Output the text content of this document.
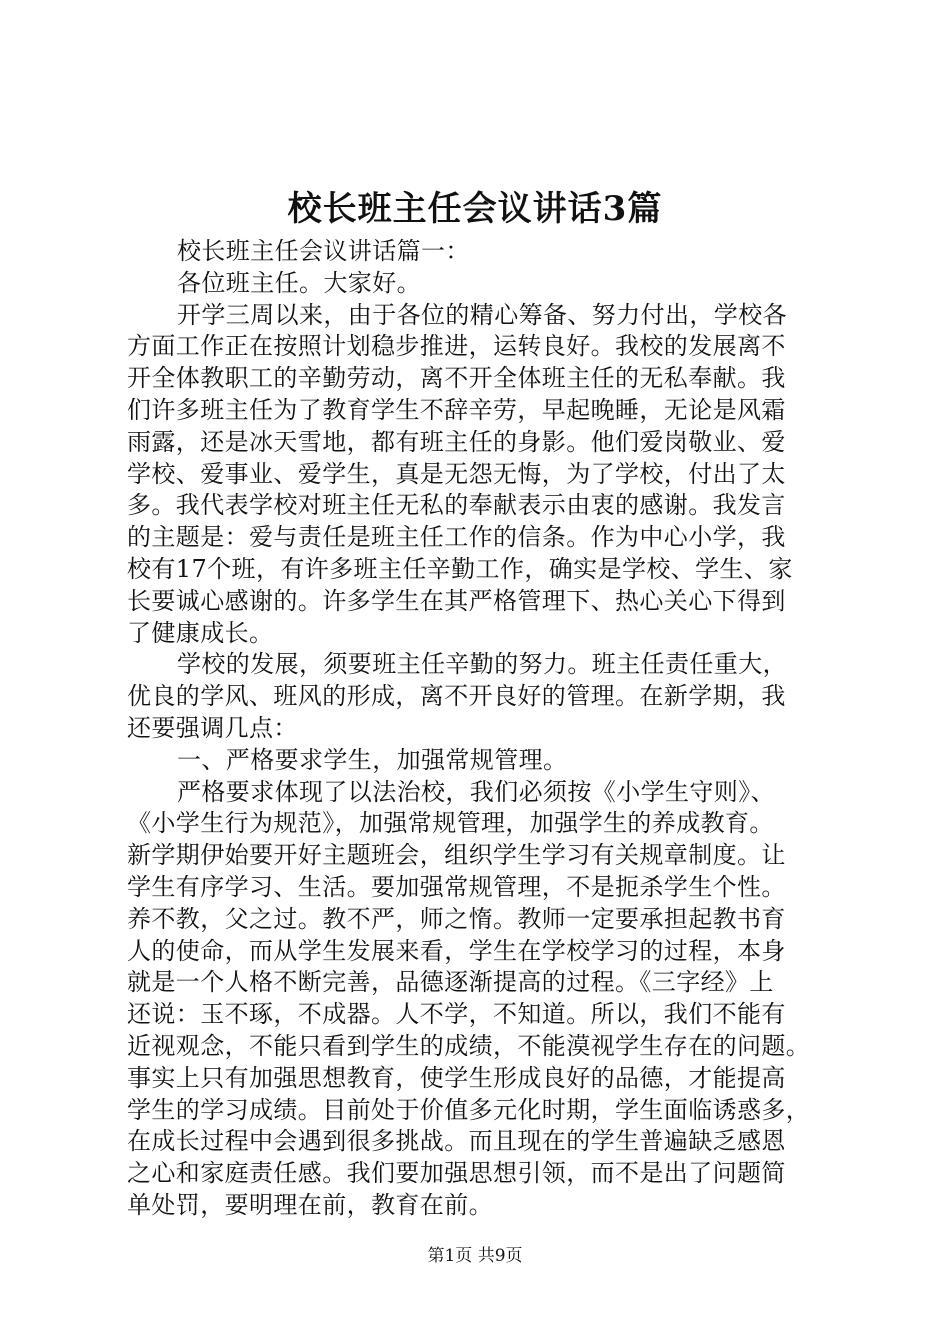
校长班主任会议讲话3篇
校长班主任会议讲话篇一：
各位班主任。大家好。
开学三周以来，由于各位的精心筹备、努力付出，学校各
方面工作正在按照计划稳步推进，运转良好。我校的发展离不
开全体教职工的辛勤劳动，离不开全体班主任的无私奉献。我
们许多班主任为了教育学生不辞辛劳，早起晚睡，无论是风霜
雨露，还是冰天雪地，都有班主任的身影。他们爱岗敬业、爱
学校、爱事业、爱学生，真是无怨无悔，为了学校，付出了太
多。我代表学校对班主任无私的奉献表示由衷的感谢。我发言
的主题是：爱与责任是班主任工作的信条。作为中心小学，我
校有17个班，有许多班主任辛勤工作，确实是学校、学生、家
长要诚心感谢的。许多学生在其严格管理下、热心关心下得到
了健康成长。
学校的发展，须要班主任辛勤的努力。班主任责任重大，
优良的学风、班风的形成，离不开良好的管理。在新学期，我
还要强调几点：
一、严格要求学生，加强常规管理。
严格要求体现了以法治校，我们必须按《小学生守则》、
《小学生行为规范》，加强常规管理，加强学生的养成教育。
新学期伊始要开好主题班会，组织学生学习有关规章制度。让
学生有序学习、生活。要加强常规管理，不是扼杀学生个性。
养不教，父之过。教不严，师之惰。教师一定要承担起教书育
人的使命，而从学生发展来看，学生在学校学习的过程，本身
就是一个人格不断完善，品德逐渐提高的过程。《三字经》上
还说：玉不琢，不成器。人不学，不知道。所以，我们不能有
近视观念，不能只看到学生的成绩，不能漠视学生存在的问题。
事实上只有加强思想教育，使学生形成良好的品德，才能提高
学生的学习成绩。目前处于价值多元化时期，学生面临诱惑多，
在成长过程中会遇到很多挑战。而且现在的学生普遍缺乏感恩
之心和家庭责任感。我们要加强思想引领，而不是出了问题简
单处罚，要明理在前，教育在前。
第1页 共9页
